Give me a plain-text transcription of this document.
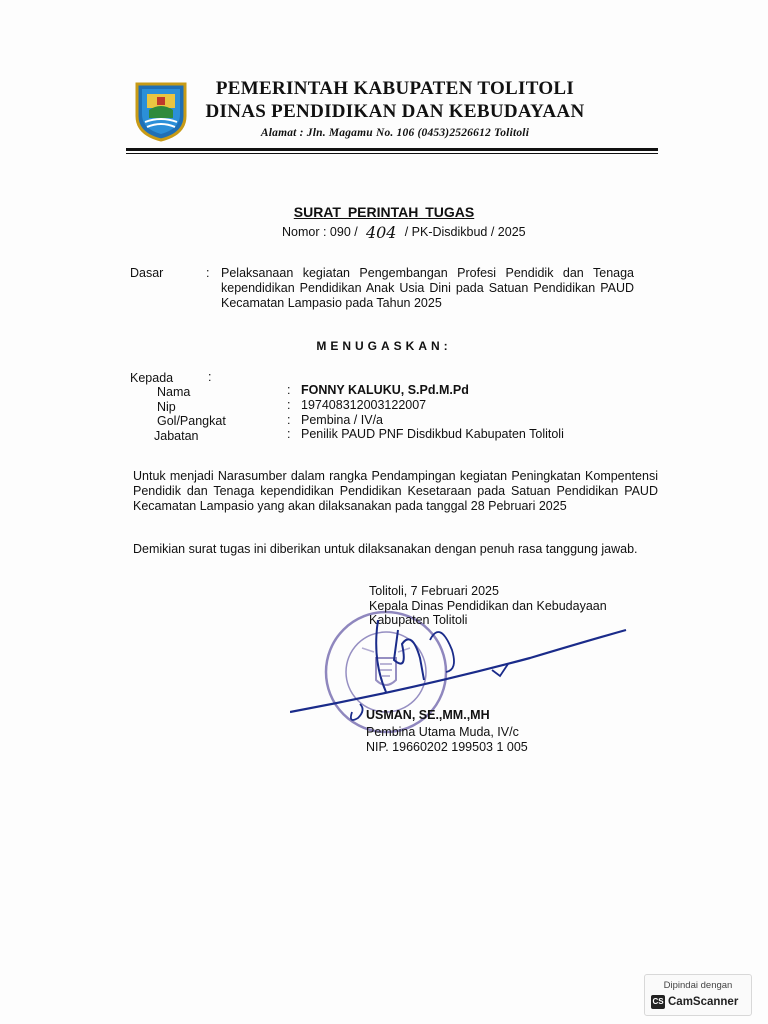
PEMERINTAH KABUPATEN TOLITOLI
DINAS PENDIDIKAN DAN KEBUDAYAAN
Alamat : Jln. Magamu No. 106 (0453)2526612 Tolitoli
SURAT PERINTAH TUGAS
Nomor : 090 / 404 / PK-Disdikbud / 2025
Dasar	: Pelaksanaan kegiatan Pengembangan Profesi Pendidik dan Tenaga kependidikan Pendidikan Anak Usia Dini pada Satuan Pendidikan PAUD Kecamatan Lampasio pada Tahun 2025
MENUGASKAN:
Kepada	:
Nama	: FONNY KALUKU, S.Pd.M.Pd
Nip	: 197408312003122007
Gol/Pangkat	: Pembina / IV/a
Jabatan	: Penilik PAUD PNF Disdikbud Kabupaten Tolitoli
Untuk menjadi Narasumber dalam rangka Pendampingan kegiatan Peningkatan Kompentensi Pendidik dan Tenaga kependidikan Pendidikan Kesetaraan pada Satuan Pendidikan PAUD Kecamatan Lampasio yang akan dilaksanakan pada tanggal 28 Pebruari 2025
Demikian surat tugas ini diberikan untuk dilaksanakan dengan penuh rasa tanggung jawab.
Tolitoli, 7 Februari 2025
Kepala Dinas Pendidikan dan Kebudayaan
Kabupaten Tolitoli
USMAN, SE.,MM.,MH
Pembina Utama Muda, IV/c
NIP. 19660202 199503 1 005
Dipindai dengan
CS CamScanner
